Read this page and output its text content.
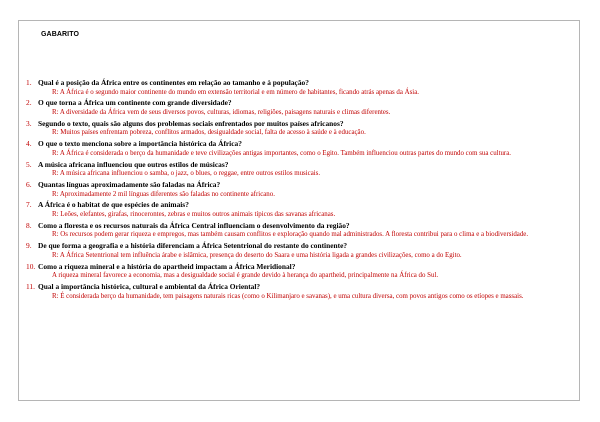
GABARITO
1. Qual é a posição da África entre os continentes em relação ao tamanho e à população?

R: A África é o segundo maior continente do mundo em extensão territorial e em número de habitantes, ficando atrás apenas da Ásia.

2. O que torna a África um continente com grande diversidade?

R: A diversidade da África vem de seus diversos povos, culturas, idiomas, religiões, paisagens naturais e climas diferentes.

3. Segundo o texto, quais são alguns dos problemas sociais enfrentados por muitos países africanos?

R: Muitos países enfrentam pobreza, conflitos armados, desigualdade social, falta de acesso à saúde e à educação.

4. O que o texto menciona sobre a importância histórica da África?

R: A África é considerada o berço da humanidade e teve civilizações antigas importantes, como o Egito. Também influenciou outras partes do mundo com sua cultura.

5. A música africana influenciou que outros estilos de músicas?

R: A música africana influenciou o samba, o jazz, o blues, o reggae, entre outros estilos musicais.

6. Quantas línguas aproximadamente são faladas na África?

R: Aproximadamente 2 mil línguas diferentes são faladas no continente africano.

7. A África é o habitat de que espécies de animais?

R: Leões, elefantes, girafas, rinocerontes, zebras e muitos outros animais típicos das savanas africanas.

8. Como a floresta e os recursos naturais da África Central influenciam o desenvolvimento da região?

R: Os recursos podem gerar riqueza e empregos, mas também causam conflitos e exploração quando mal administrados. A floresta contribui para o clima e a biodiversidade.

9. De que forma a geografia e a história diferenciam a África Setentrional do restante do continente?

R: A África Setentrional tem influência árabe e islâmica, presença do deserto do Saara e uma história ligada a grandes civilizações, como a do Egito.

10. Como a riqueza mineral e a história do apartheid impactam a África Meridional?

A riqueza mineral favorece a economia, mas a desigualdade social é grande devido à herança do apartheid, principalmente na África do Sul.

11. Qual a importância histórica, cultural e ambiental da África Oriental?

R: É considerada berço da humanidade, tem paisagens naturais ricas (como o Kilimanjaro e savanas), e uma cultura diversa, com povos antigos como os etíopes e massais.
